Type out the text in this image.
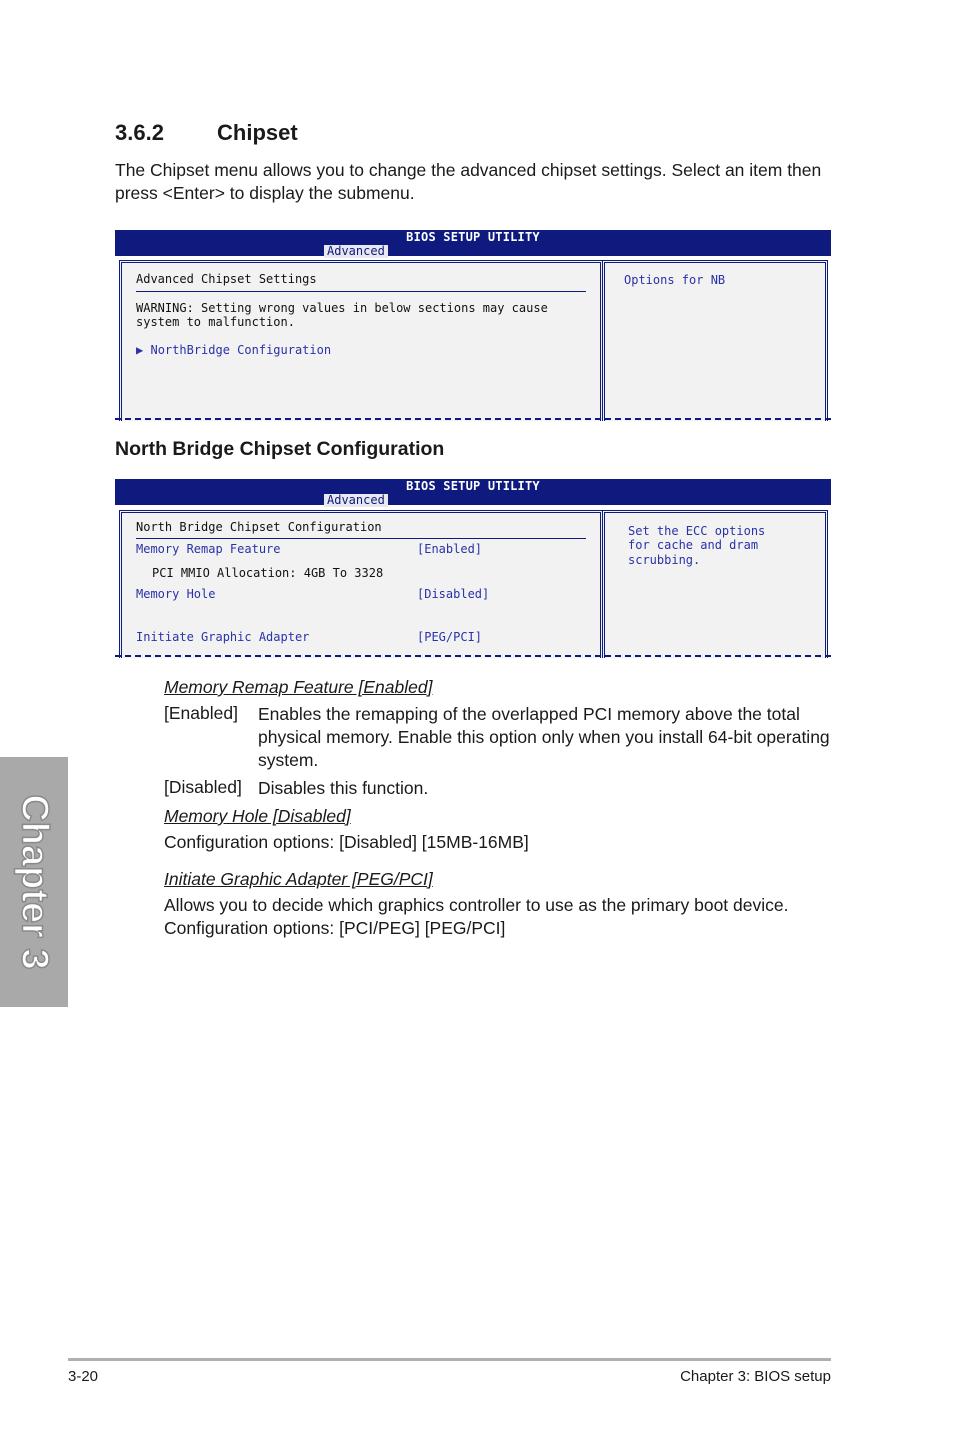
3.6.2 Chipset
The Chipset menu allows you to change the advanced chipset settings. Select an item then press <Enter> to display the submenu.
BIOS SETUP UTILITY
Advanced
Advanced Chipset Settings
WARNING: Setting wrong values in below sections may cause
system to malfunction.
▶ NorthBridge Configuration
Options for NB
North Bridge Chipset Configuration
BIOS SETUP UTILITY
Advanced
North Bridge Chipset Configuration
Memory Remap Feature	[Enabled]
PCI MMIO Allocation: 4GB To 3328
Memory Hole	[Disabled]
Initiate Graphic Adapter	[PEG/PCI]
Set the ECC options
for cache and dram
scrubbing.
Memory Remap Feature [Enabled]
[Enabled] Enables the remapping of the overlapped PCI memory above the total physical memory. Enable this option only when you install 64-bit operating system.
[Disabled] Disables this function.
Memory Hole [Disabled]
Configuration options: [Disabled] [15MB-16MB]
Initiate Graphic Adapter [PEG/PCI]
Allows you to decide which graphics controller to use as the primary boot device.
Configuration options: [PCI/PEG] [PEG/PCI]
Chapter 3
3-20	Chapter 3: BIOS setup
